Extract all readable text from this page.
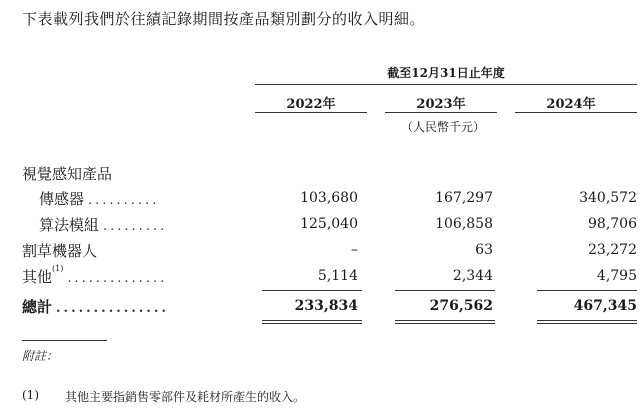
下表載列我們於往績記錄期間按產品類別劃分的收入明細。
截至12月31日止年度
2022年	2023年	2024年
（人民幣千元）
視覺感知產品
傳感器 ..........	103,680	167,297	340,572
算法模組 .........	125,040	106,858	98,706
割草機器人	–	63	23,272
其他$^{(1)}$..............	5,114	2,344	4,795
總計 ...............	233,834	276,562	467,345
附註：
(1) 其他主要指銷售零部件及耗材所產生的收入。
